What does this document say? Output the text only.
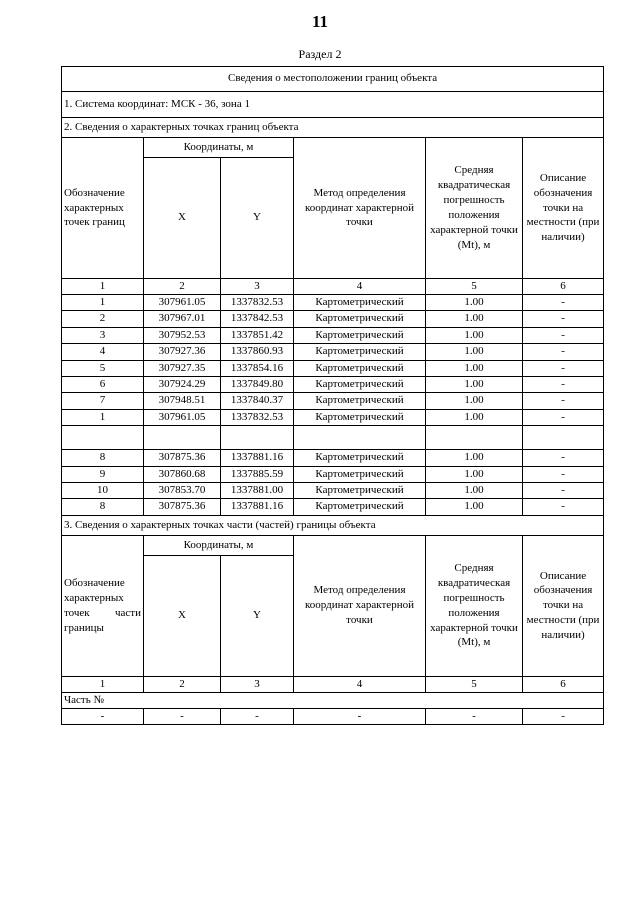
11
Раздел 2
Сведения о местоположении границ объекта					
1. Система координат: МСК - 36, зона 1					
2. Сведения о характерных точках границ объекта					
Обозначение характерных точек границ	Координаты, м		Метод определения координат характерной точки	Средняя квадратическая погрешность положения характерной точки (Mt), м	Описание обозначения точки на местности (при наличии)
	X	Y			
1	2	3	4	5	6
1	307961.05	1337832.53	Картометрический	1.00	-
2	307967.01	1337842.53	Картометрический	1.00	-
3	307952.53	1337851.42	Картометрический	1.00	-
4	307927.36	1337860.93	Картометрический	1.00	-
5	307927.35	1337854.16	Картометрический	1.00	-
6	307924.29	1337849.80	Картометрический	1.00	-
7	307948.51	1337840.37	Картометрический	1.00	-
1	307961.05	1337832.53	Картометрический	1.00	-

8	307875.36	1337881.16	Картометрический	1.00	-
9	307860.68	1337885.59	Картометрический	1.00	-
10	307853.70	1337881.00	Картометрический	1.00	-
8	307875.36	1337881.16	Картометрический	1.00	-
3. Сведения о характерных точках части (частей) границы объекта					
Обозначение характерных точек части границы	Координаты, м		Метод определения координат характерной точки	Средняя квадратическая погрешность положения характерной точки (Mt), м	Описание обозначения точки на местности (при наличии)
	X	Y			
1	2	3	4	5	6
Часть №					
-	-	-	-	-	-
